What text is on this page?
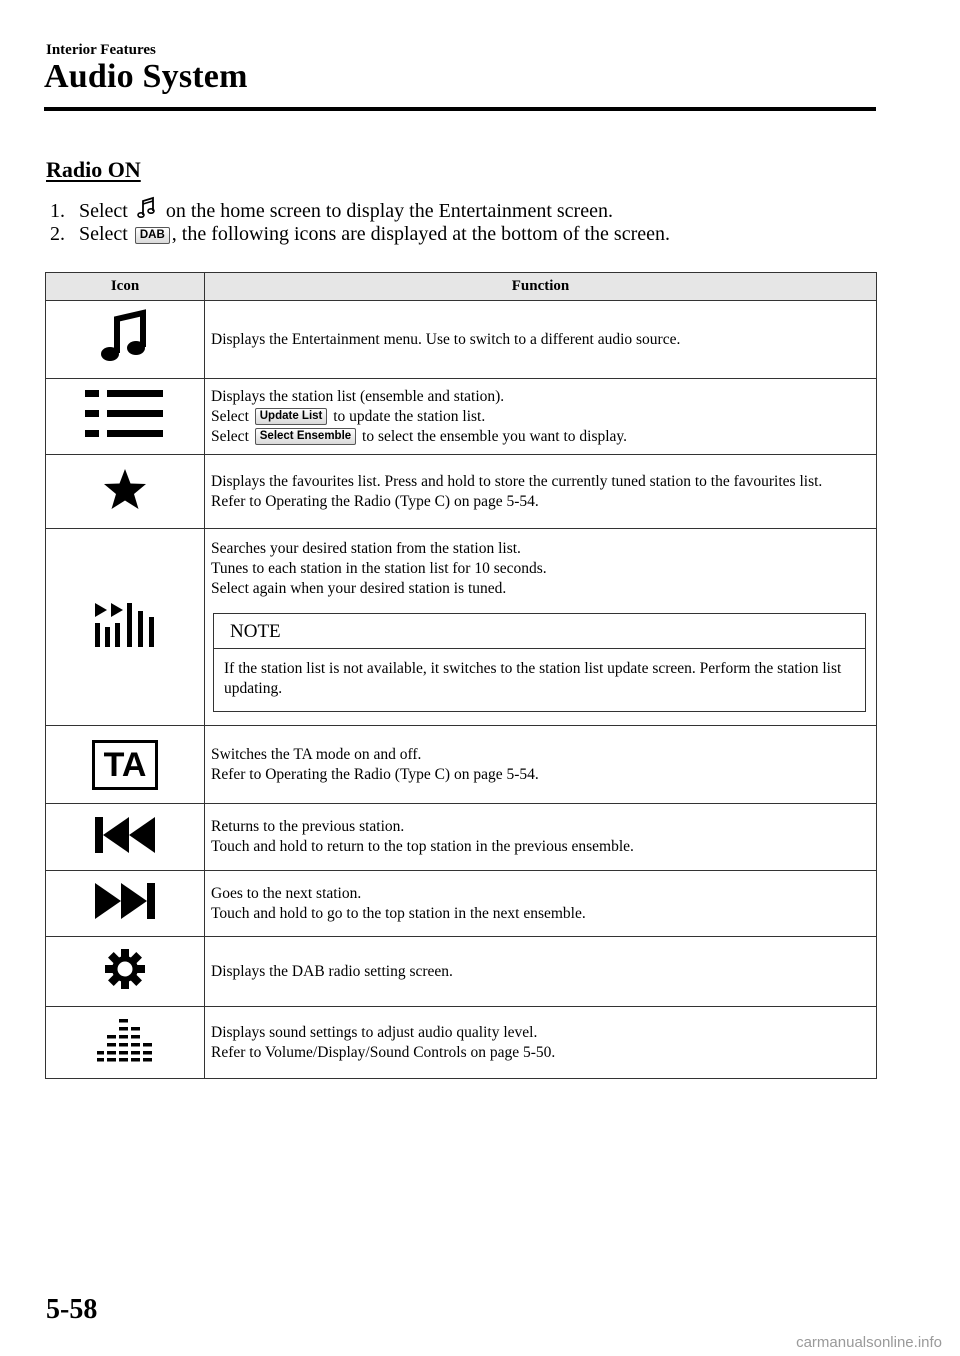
Interior Features
Audio System
Radio ON
1. Select on the home screen to display the Entertainment screen.
2. Select DAB , the following icons are displayed at the bottom of the screen.
Icon	Function

Displays the Entertainment menu. Use to switch to a different audio source.

Displays the station list (ensemble and station).
Select Update List to update the station list.
Select Select Ensemble to select the ensemble you want to display.

Displays the favourites list. Press and hold to store the currently tuned station to the favourites list.
Refer to Operating the Radio (Type C) on page 5-54.

Searches your desired station from the station list.
Tunes to each station in the station list for 10 seconds.
Select again when your desired station is tuned.
NOTE
If the station list is not available, it switches to the station list update screen. Perform the station list updating.

TA	Switches the TA mode on and off.
Refer to Operating the Radio (Type C) on page 5-54.

Returns to the previous station.
Touch and hold to return to the top station in the previous ensemble.

Goes to the next station.
Touch and hold to go to the top station in the next ensemble.

Displays the DAB radio setting screen.

Displays sound settings to adjust audio quality level.
Refer to Volume/Display/Sound Controls on page 5-50.
5-58
carmanualsonline.info
